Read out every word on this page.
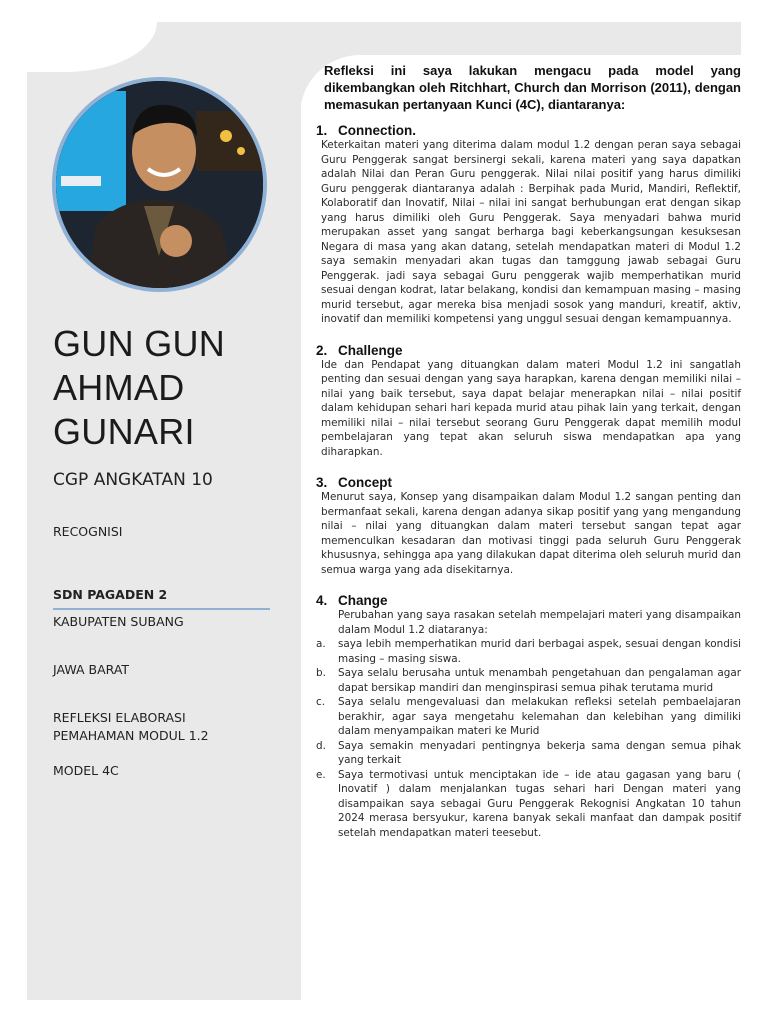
GUN GUN
AHMAD
GUNARI
CGP ANGKATAN 10
RECOGNISI
SDN PAGADEN 2
KABUPATEN SUBANG
JAWA BARAT
REFLEKSI ELABORASI
PEMAHAMAN MODUL 1.2
MODEL 4C

Refleksi ini saya lakukan mengacu pada model yang dikembangkan oleh Ritchhart, Church dan Morrison (2011), dengan memasukan pertanyaan Kunci (4C), diantaranya:

1. Connection.

Keterkaitan materi yang diterima dalam modul 1.2 dengan peran saya sebagai Guru Penggerak sangat bersinergi sekali, karena materi yang saya dapatkan adalah Nilai dan Peran Guru penggerak. Nilai nilai positif yang harus dimiliki Guru penggerak diantaranya adalah : Berpihak pada Murid, Mandiri, Reflektif, Kolaboratif dan Inovatif, Nilai – nilai ini sangat berhubungan erat dengan sikap yang harus dimiliki oleh Guru Penggerak. Saya menyadari bahwa murid merupakan asset yang sangat berharga bagi keberkangsungan kesuksesan Negara di masa yang akan datang, setelah mendapatkan materi di Modul 1.2 saya semakin menyadari akan tugas dan tamggung jawab sebagai Guru Penggerak. jadi saya sebagai Guru penggerak wajib memperhatikan murid sesuai dengan kodrat, latar belakang, kondisi dan kemampuan masing – masing murid tersebut, agar mereka bisa menjadi sosok yang manduri, kreatif, aktiv, inovatif dan memiliki kompetensi yang unggul sesuai dengan kemampuannya.

2. Challenge

Ide dan Pendapat yang dituangkan dalam materi Modul 1.2 ini sangatlah penting dan sesuai dengan yang saya harapkan, karena dengan memiliki nilai – nilai yang baik tersebut, saya dapat belajar menerapkan nilai – nilai positif dalam kehidupan sehari hari kepada murid atau pihak lain yang terkait, dengan memiliki nilai – nilai tersebut seorang Guru Penggerak dapat memilih modul pembelajaran yang tepat akan seluruh siswa mendapatkan apa yang diharapkan.

3. Concept

Menurut saya, Konsep yang disampaikan dalam Modul 1.2 sangan penting dan bermanfaat sekali, karena dengan adanya sikap positif yang yang mengandung nilai – nilai yang dituangkan dalam materi tersebut sangan tepat agar memenculkan kesadaran dan motivasi tinggi pada seluruh Guru Penggerak khususnya, sehingga apa yang dilakukan dapat diterima oleh seluruh murid dan semua warga yang ada disekitarnya.

4. Change

Perubahan yang saya rasakan setelah mempelajari materi yang disampaikan dalam Modul 1.2 diataranya:

a. saya lebih memperhatikan murid dari berbagai aspek, sesuai dengan kondisi masing – masing siswa.
b. Saya selalu berusaha untuk menambah pengetahuan dan pengalaman agar dapat bersikap mandiri dan menginspirasi semua pihak terutama murid
c. Saya selalu mengevaluasi dan melakukan refleksi setelah pembaelajaran berakhir, agar saya mengetahu kelemahan dan kelebihan yang dimiliki dalam menyampaikan materi ke Murid
d. Saya semakin menyadari pentingnya bekerja sama dengan semua pihak yang terkait
e. Saya termotivasi untuk menciptakan ide – ide atau gagasan yang baru ( Inovatif ) dalam menjalankan tugas sehari hari Dengan materi yang disampaikan saya sebagai Guru Penggerak Rekognisi Angkatan 10 tahun 2024 merasa bersyukur, karena banyak sekali manfaat dan dampak positif setelah mendapatkan materi teesebut.
